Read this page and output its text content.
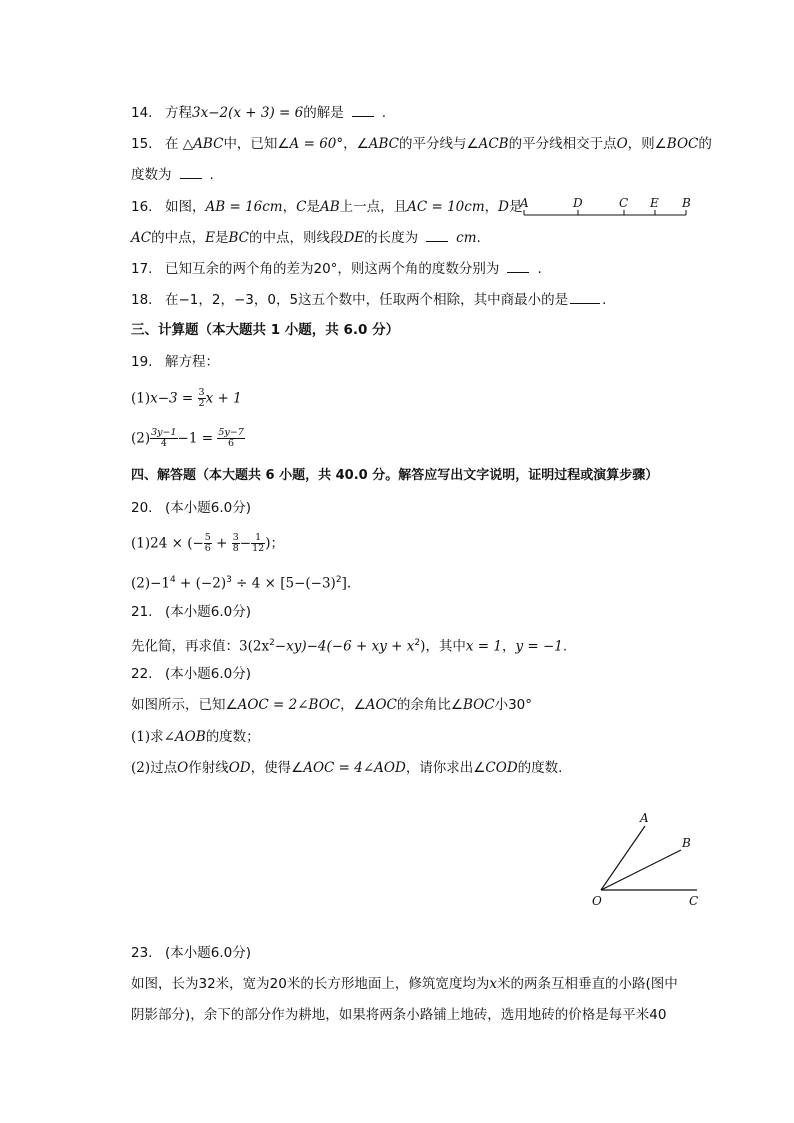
14. 方程3x−2(x + 3) = 6的解是	.
15. 在 △ABC中，已知∠A = 60°，∠ABC的平分线与∠ACB的平分线相交于点O，则∠BOC的
度数为	.
16. 如图，AB = 16cm，C是AB上一点，且AC = 10cm，D是
A	D	C E B
AC的中点，E是BC的中点，则线段DE的长度为	cm.
17. 已知互余的两个角的差为20°，则这两个角的度数分别为	.
18. 在−1，2，−3，0，5这五个数中，任取两个相除，其中商最小的是	.
三、计算题（本大题共 1 小题，共 6.0 分）
19. 解方程：
$(1)x-3 = \frac{3}{2}$ x + 1
$(2) \frac{3y-1}{4} -1 = \frac{5y-7}{6}$
四、解答题（本大题共 6 小题，共 40.0 分。解答应写出文字说明，证明过程或演算步骤）
20. (本小题6.0分)
(1)24 × (− $\frac{5}{6} + \frac{3}{8} - \frac{1}{12}$ )；
$(2)-1^4 + (-2)^3 \div 4 \times [5-(-3)^2]$.
21. (本小题6.0分)
先化简，再求值：$3(2x^2-xy)-4(-6$ + xy + $x^2$)，其中x = 1，y = −1.
22. (本小题6.0分)
如图所示，已知∠AOC = 2∠BOC，∠AOC的余角比∠BOC小30°
(1)求∠AOB的度数；
(2)过点O作射线OD，使得∠AOC = 4∠AOD，请你求出∠COD的度数.
A
B
O	C
23. (本小题6.0分)
如图，长为32米，宽为20米的长方形地面上，修筑宽度均为x米的两条互相垂直的小路(图中
阴影部分)，余下的部分作为耕地，如果将两条小路铺上地砖，选用地砖的价格是每平米40
